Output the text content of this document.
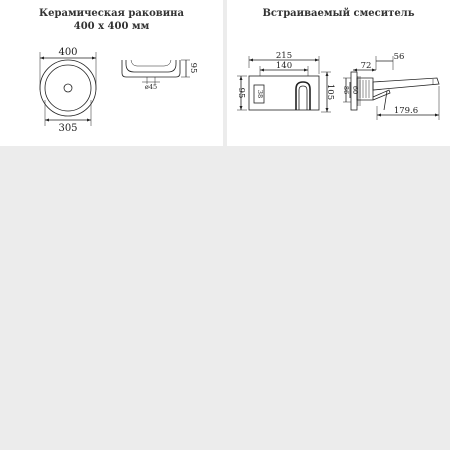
Керамическая раковина
400 х 400 мм
400
305
ø45
95
Встраиваемый смеситель
215
140
95 38	105
56
72
86 60
179.6
